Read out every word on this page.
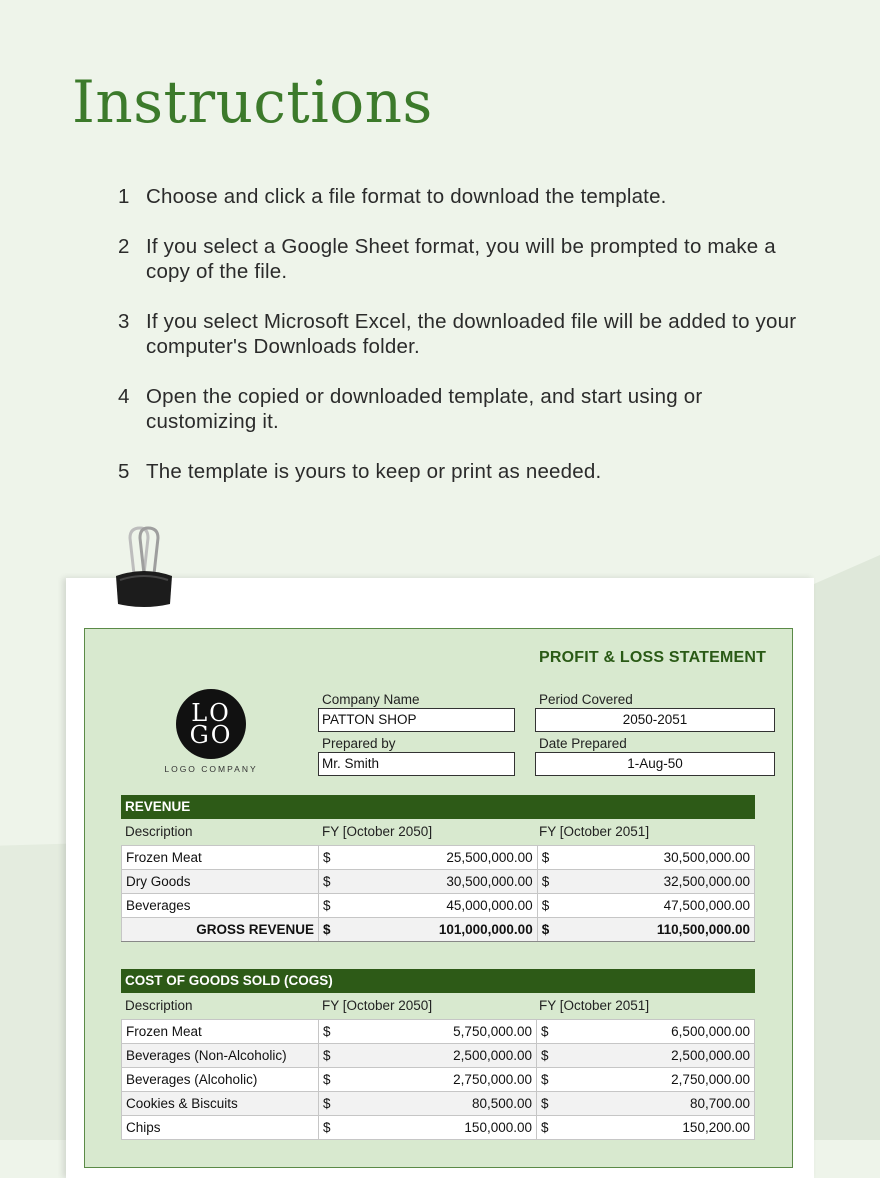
Instructions
1 Choose and click a file format to download the template.
2 If you select a Google Sheet format, you will be prompted to make a copy of the file.
3 If you select Microsoft Excel, the downloaded file will be added to your computer's Downloads folder.
4 Open the copied or downloaded template, and start using or customizing it.
5 The template is yours to keep or print as needed.
PROFIT & LOSS STATEMENT
LO
GO
LOGO COMPANY
Company Name
PATTON SHOP
Period Covered
2050-2051
Prepared by
Mr. Smith
Date Prepared
1-Aug-50
REVENUE
Description	FY [October 2050]	FY [October 2051]
Frozen Meat	$	25,500,000.00	$	30,500,000.00
Dry Goods	$	30,500,000.00	$	32,500,000.00
Beverages	$	45,000,000.00	$	47,500,000.00
GROSS REVENUE	$	101,000,000.00	$	110,500,000.00
COST OF GOODS SOLD (COGS)
Description	FY [October 2050]	FY [October 2051]
Frozen Meat	$	5,750,000.00	$	6,500,000.00
Beverages (Non-Alcoholic)	$	2,500,000.00	$	2,500,000.00
Beverages (Alcoholic)	$	2,750,000.00	$	2,750,000.00
Cookies & Biscuits	$	80,500.00	$	80,700.00
Chips	$	150,000.00	$	150,200.00
